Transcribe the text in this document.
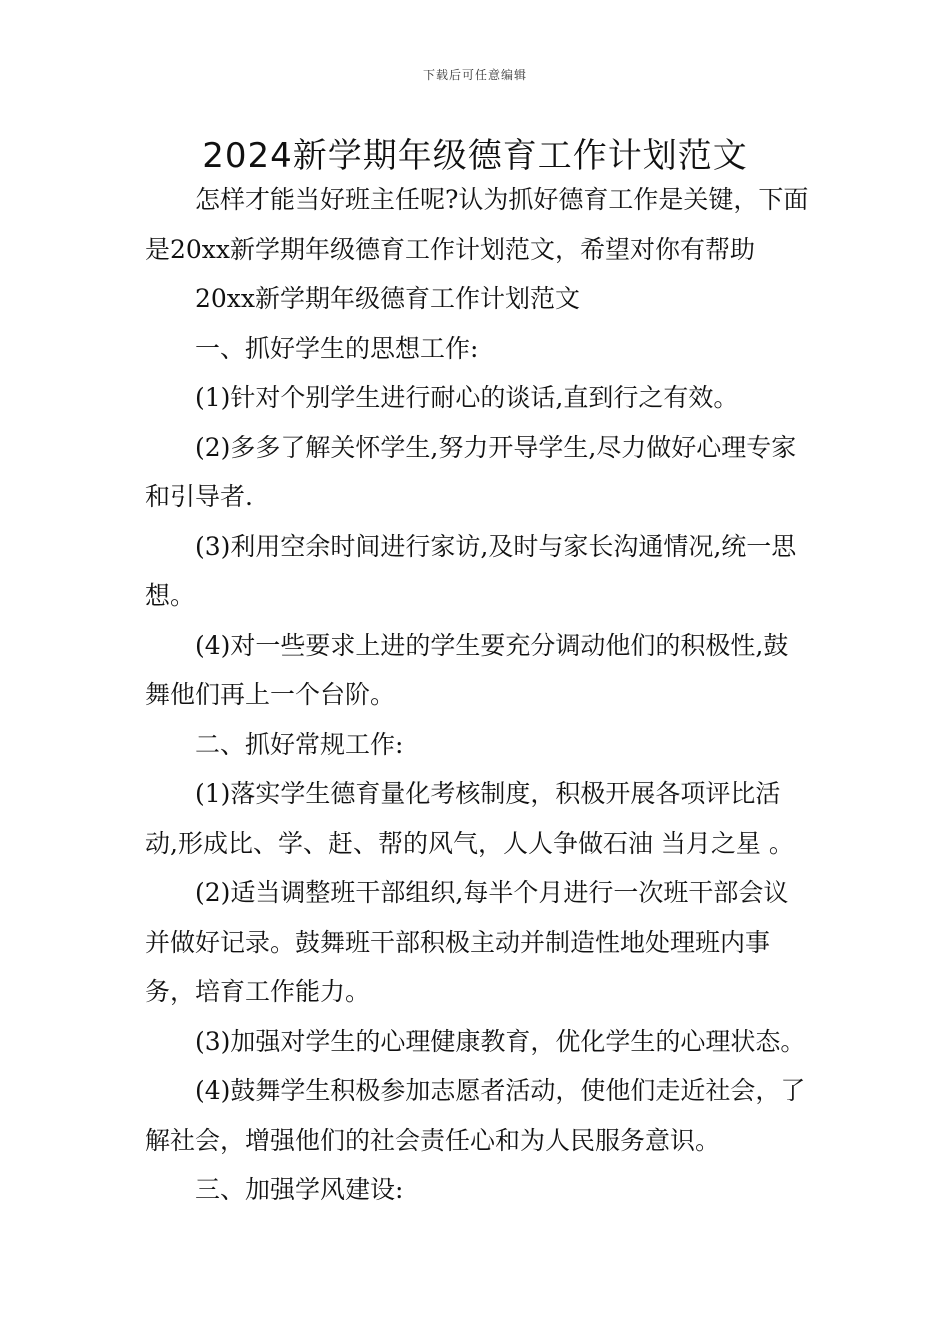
下载后可任意编辑
2024新学期年级德育工作计划范文

怎样才能当好班主任呢?认为抓好德育工作是关键，下面是20xx新学期年级德育工作计划范文，希望对你有帮助

20xx新学期年级德育工作计划范文

一、抓好学生的思想工作:

(1)针对个别学生进行耐心的谈话,直到行之有效。

(2)多多了解关怀学生,努力开导学生,尽力做好心理专家和引导者.

(3)利用空余时间进行家访,及时与家长沟通情况,统一思想。

(4)对一些要求上进的学生要充分调动他们的积极性,鼓舞他们再上一个台阶。

二、抓好常规工作:

(1)落实学生德育量化考核制度，积极开展各项评比活动,形成比、学、赶、帮的风气，人人争做石油 当月之星 。

(2)适当调整班干部组织,每半个月进行一次班干部会议并做好记录。鼓舞班干部积极主动并制造性地处理班内事务，培育工作能力。

(3)加强对学生的心理健康教育，优化学生的心理状态。

(4)鼓舞学生积极参加志愿者活动，使他们走近社会，了解社会，增强他们的社会责任心和为人民服务意识。

三、加强学风建设:
